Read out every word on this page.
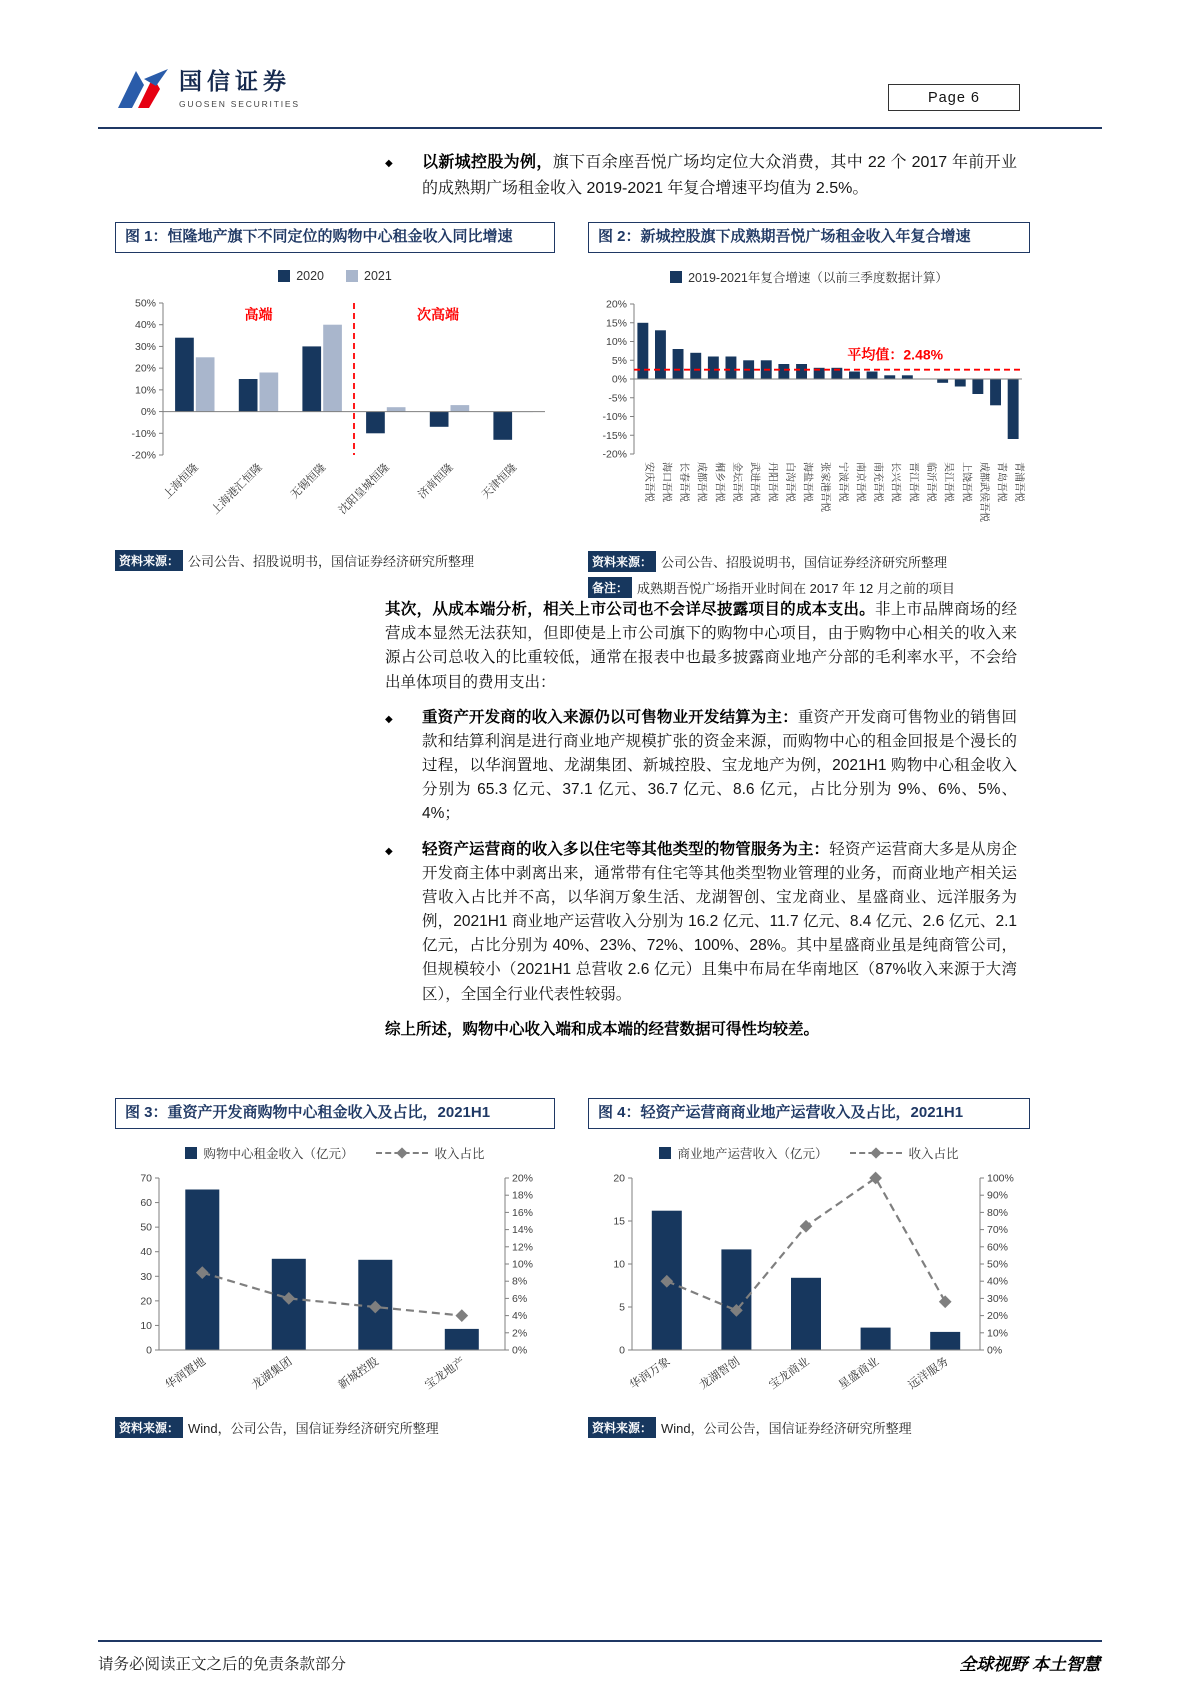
国信证券
GUOSEN SECURITIES	Page 6
◆	以新城控股为例，旗下百余座吾悦广场均定位大众消费，其中 22 个 2017 年前开业的成熟期广场租金收入 2019-2021 年复合增速平均值为 2.5%。

图 1：恒隆地产旗下不同定位的购物中心租金收入同比增速
2020	2021
-20%
-10%
0%
10%
20%
30%
40%
50%
高端	次高端
上海恒隆 上海港汇恒隆 无锡恒隆 沈阳皇城恒隆 济南恒隆 天津恒隆
资料来源： 公司公告、招股说明书，国信证券经济研究所整理
图 2：新城控股旗下成熟期吾悦广场租金收入年复合增速
2019-2021年复合增速（以前三季度数据计算）
-20%
-15%
-10%
-5%
0%
5%
10%
15%
20%
平均值：2.48%
安庆吾悦 海口吾悦 长春吾悦 成都吾悦 桐乡吾悦 金坛吾悦 武进吾悦 丹阳吾悦 白沟吾悦 海盐吾悦 张家港吾悦 宁波吾悦 南京吾悦 南充吾悦 长兴吾悦 晋江吾悦 临沂吾悦 吴江吾悦 上饶吾悦 成都武侯吾悦 青岛吾悦 青浦吾悦
资料来源： 公司公告、招股说明书，国信证券经济研究所整理
备注： 成熟期吾悦广场指开业时间在 2017 年 12 月之前的项目

其次，从成本端分析，相关上市公司也不会详尽披露项目的成本支出。非上市品牌商场的经营成本显然无法获知，但即使是上市公司旗下的购物中心项目，由于购物中心相关的收入来源占公司总收入的比重较低，通常在报表中也最多披露商业地产分部的毛利率水平，不会给出单体项目的费用支出：

◆	重资产开发商的收入来源仍以可售物业开发结算为主：重资产开发商可售物业的销售回款和结算利润是进行商业地产规模扩张的资金来源，而购物中心的租金回报是个漫长的过程，以华润置地、龙湖集团、新城控股、宝龙地产为例，2021H1 购物中心租金收入分别为 65.3 亿元、37.1 亿元、36.7 亿元、8.6 亿元，占比分别为 9%、6%、5%、4%；

◆	轻资产运营商的收入多以住宅等其他类型的物管服务为主：轻资产运营商大多是从房企开发商主体中剥离出来，通常带有住宅等其他类型物业管理的业务，而商业地产相关运营收入占比并不高，以华润万象生活、龙湖智创、宝龙商业、星盛商业、远洋服务为例，2021H1 商业地产运营收入分别为 16.2 亿元、11.7 亿元、8.4 亿元、2.6 亿元、2.1 亿元，占比分别为 40%、23%、72%、100%、28%。其中星盛商业虽是纯商管公司，但规模较小（2021H1 总营收 2.6 亿元）且集中布局在华南地区（87%收入来源于大湾区），全国全行业代表性较弱。

综上所述，购物中心收入端和成本端的经营数据可得性均较差。

图 3：重资产开发商购物中心租金收入及占比，2021H1
购物中心租金收入（亿元）	收入占比
0
10
20
30
40
50
60
70
0%
2%
4%
6%
8%
10%
12%
14%
16%
18%
20%
华润置地	龙湖集团	新城控股	宝龙地产
资料来源： Wind，公司公告，国信证券经济研究所整理
图 4：轻资产运营商商业地产运营收入及占比，2021H1
商业地产运营收入（亿元）	收入占比
0
5
10
15
20
0%
10%
20%
30%
40%
50%
60%
70%
80%
90%
100%
华润万象 龙湖智创 宝龙商业 星盛商业 远洋服务
资料来源： Wind，公司公告，国信证券经济研究所整理
请务必阅读正文之后的免责条款部分	全球视野 本土智慧
